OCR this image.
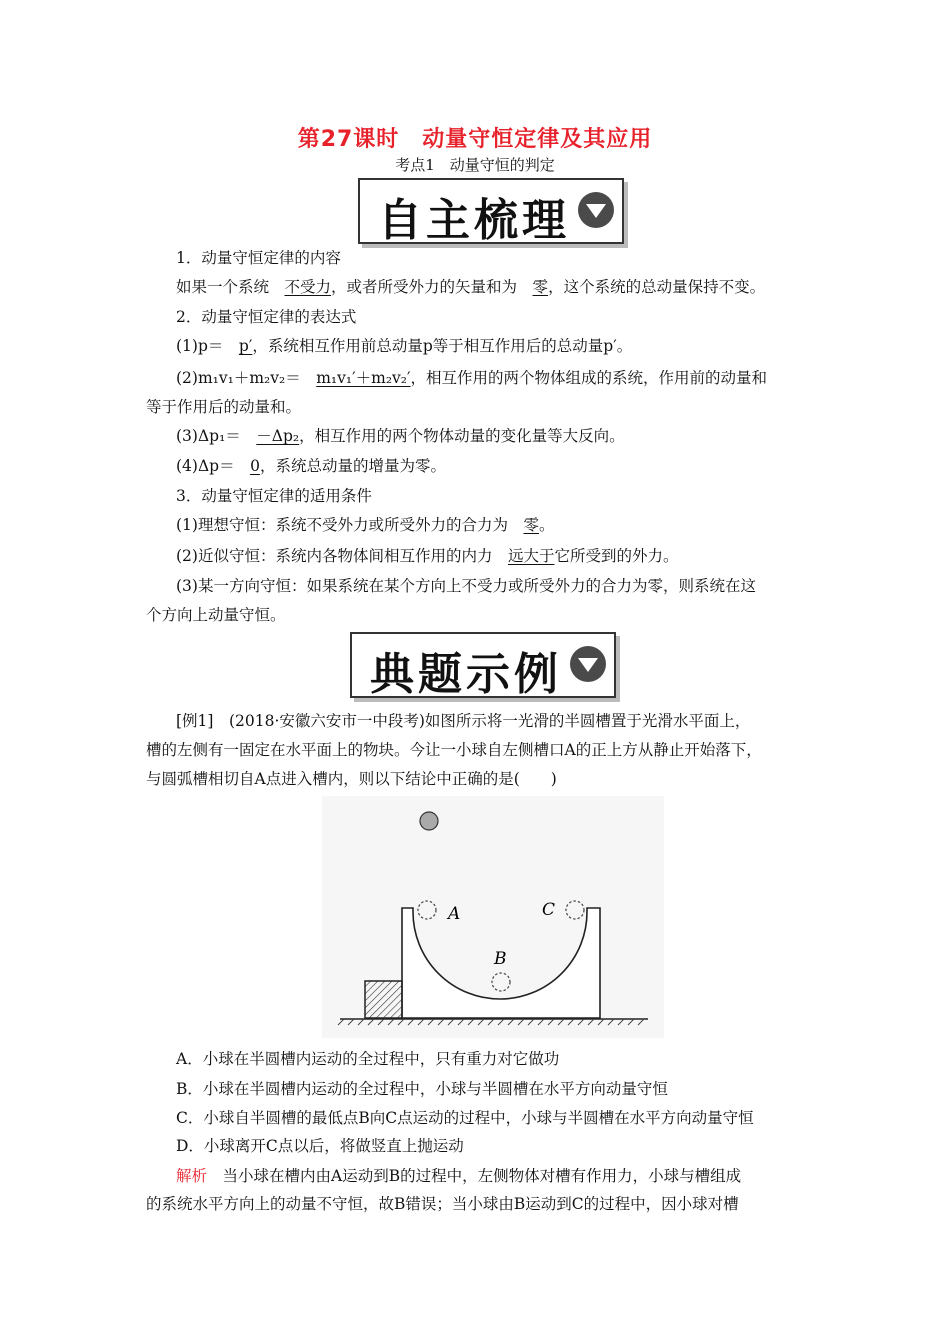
第27课时　动量守恒定律及其应用
考点1　动量守恒的判定
自主梳理
1．动量守恒定律的内容
如果一个系统　不受力，或者所受外力的矢量和为　零，这个系统的总动量保持不变。
2．动量守恒定律的表达式
(1)p＝　p′，系统相互作用前总动量p等于相互作用后的总动量p′。
(2)m₁v₁＋m₂v₂＝　m₁v₁′＋m₂v₂′，相互作用的两个物体组成的系统，作用前的动量和
等于作用后的动量和。
(3)Δp₁＝　－Δp₂，相互作用的两个物体动量的变化量等大反向。
(4)Δp＝　0，系统总动量的增量为零。
3．动量守恒定律的适用条件
(1)理想守恒：系统不受外力或所受外力的合力为　零。
(2)近似守恒：系统内各物体间相互作用的内力　远大于它所受到的外力。
(3)某一方向守恒：如果系统在某个方向上不受力或所受外力的合力为零，则系统在这
个方向上动量守恒。
典题示例
[例1]　(2018·安徽六安市一中段考)如图所示将一光滑的半圆槽置于光滑水平面上，
槽的左侧有一固定在水平面上的物块。今让一小球自左侧槽口A的正上方从静止开始落下，
与圆弧槽相切自A点进入槽内，则以下结论中正确的是(　　)
A
B
C
A．小球在半圆槽内运动的全过程中，只有重力对它做功
B．小球在半圆槽内运动的全过程中，小球与半圆槽在水平方向动量守恒
C．小球自半圆槽的最低点B向C点运动的过程中，小球与半圆槽在水平方向动量守恒
D．小球离开C点以后，将做竖直上抛运动
解析　当小球在槽内由A运动到B的过程中，左侧物体对槽有作用力，小球与槽组成
的系统水平方向上的动量不守恒，故B错误；当小球由B运动到C的过程中，因小球对槽
